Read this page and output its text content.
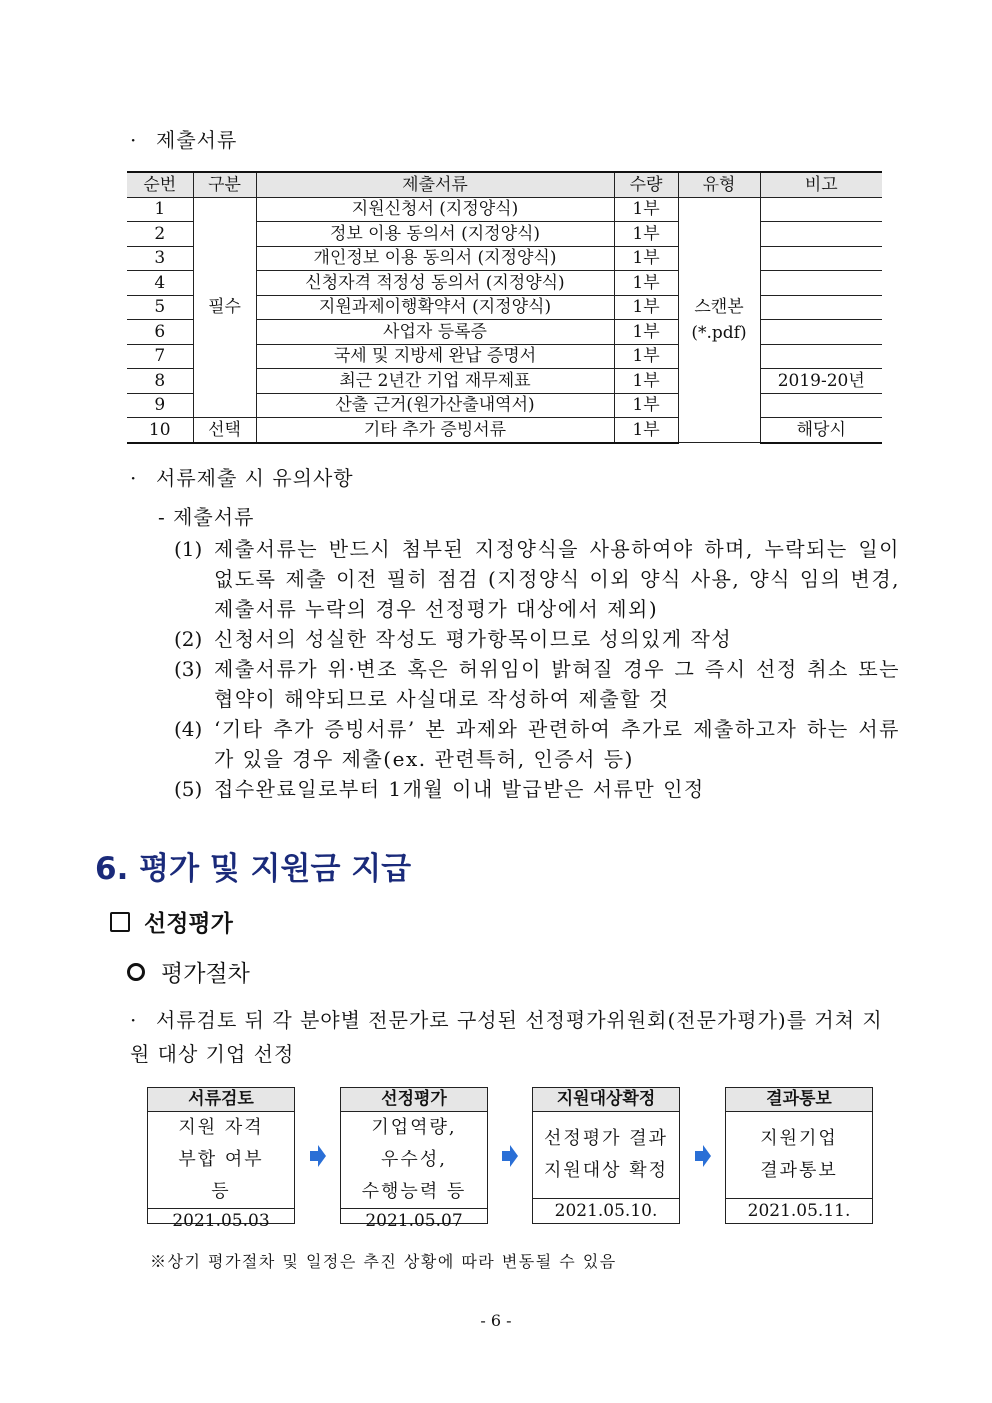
· 제출서류
순번	구분	제출서류	수량	유형	비고
1	필수	지원신청서 (지정양식)	1부	스캔본
(*.pdf)	
2		정보 이용 동의서 (지정양식)	1부		
3		개인정보 이용 동의서 (지정양식)	1부		
4		신청자격 적정성 동의서 (지정양식)	1부		
5		지원과제이행확약서 (지정양식)	1부		
6		사업자 등록증	1부		
7		국세 및 지방세 완납 증명서	1부		
8		최근 2년간 기업 재무제표	1부		2019-20년
9		산출 근거(원가산출내역서)	1부		
10	선택	기타 추가 증빙서류	1부		해당시
· 서류제출 시 유의사항
- 제출서류
(1) 제출서류는 반드시 첨부된 지정양식을 사용하여야 하며, 누락되는 일이 없도록 제출 이전 필히 점검 (지정양식 이외 양식 사용, 양식 임의 변경, 제출서류 누락의 경우 선정평가 대상에서 제외)
(2) 신청서의 성실한 작성도 평가항목이므로 성의있게 작성
(3) 제출서류가 위·변조 혹은 허위임이 밝혀질 경우 그 즉시 선정 취소 또는 협약이 해약되므로 사실대로 작성하여 제출할 것
(4) ‘기타 추가 증빙서류’ 본 과제와 관련하여 추가로 제출하고자 하는 서류가 있을 경우 제출(ex. 관련특허, 인증서 등)
(5) 접수완료일로부터 1개월 이내 발급받은 서류만 인정
6. 평가 및 지원금 지급
선정평가
평가절차
· 서류검토 뒤 각 분야별 전문가로 구성된 선정평가위원회(전문가평가)를 거쳐 지원 대상 기업 선정
서류검토
지원 자격
부합 여부
등
2021.05.03
선정평가
기업역량,
우수성,
수행능력 등
2021.05.07
지원대상확정
선정평가 결과
지원대상 확정
2021.05.10.
결과통보
지원기업
결과통보
2021.05.11.
※상기 평가절차 및 일정은 추진 상황에 따라 변동될 수 있음
- 6 -
